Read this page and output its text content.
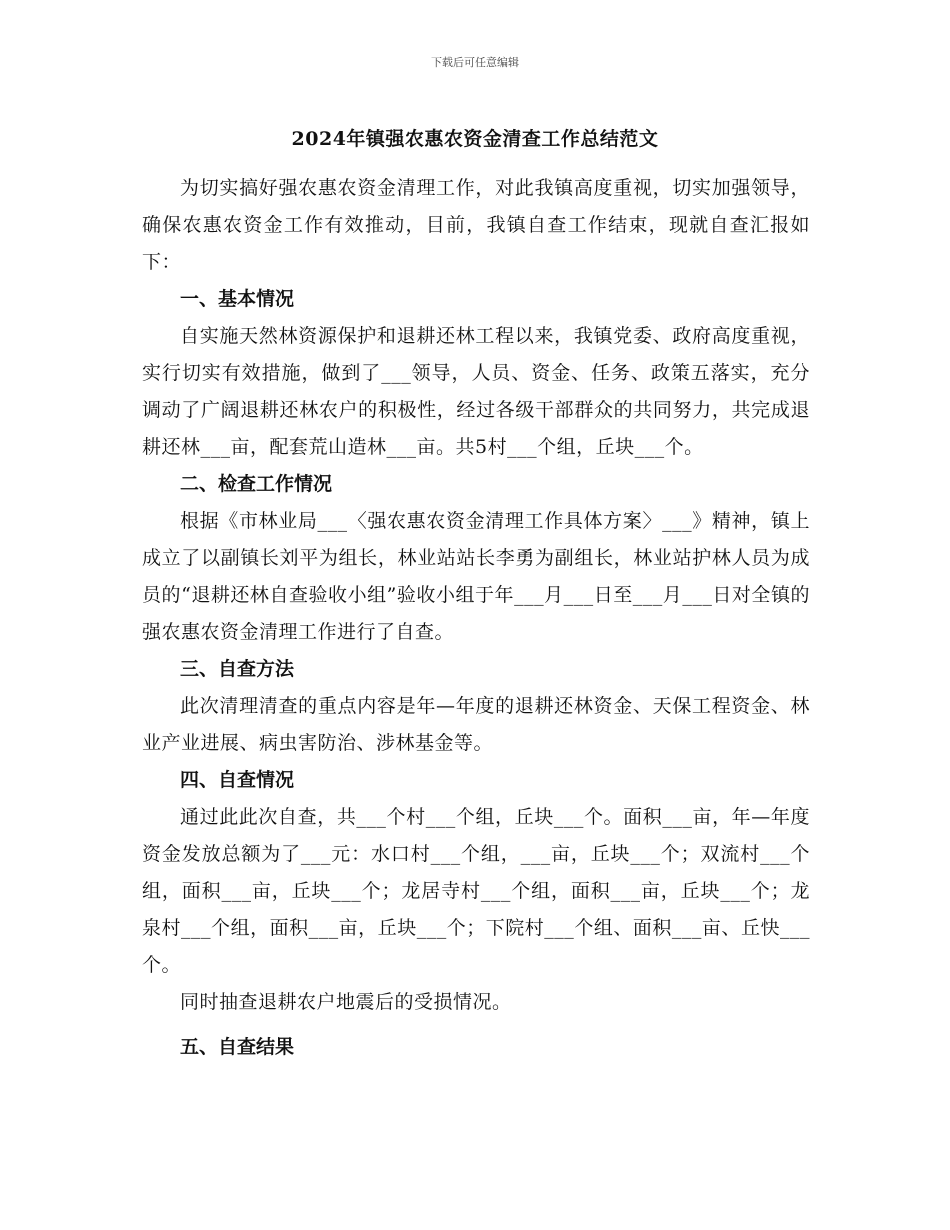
下载后可任意编辑
2024年镇强农惠农资金清查工作总结范文

为切实搞好强农惠农资金清理工作，对此我镇高度重视，切实加强领导，确保农惠农资金工作有效推动，目前，我镇自查工作结束，现就自查汇报如下：

一、基本情况

自实施天然林资源保护和退耕还林工程以来，我镇党委、政府高度重视，实行切实有效措施，做到了___领导，人员、资金、任务、政策五落实，充分调动了广阔退耕还林农户的积极性，经过各级干部群众的共同努力，共完成退耕还林___亩，配套荒山造林___亩。共5村___个组，丘块___个。

二、检查工作情况

根据《市林业局___〈强农惠农资金清理工作具体方案〉___》精神，镇上成立了以副镇长刘平为组长，林业站站长李勇为副组长，林业站护林人员为成员的“退耕还林自查验收小组”验收小组于年___月___日至___月___日对全镇的强农惠农资金清理工作进行了自查。

三、自查方法

此次清理清查的重点内容是年—年度的退耕还林资金、天保工程资金、林业产业进展、病虫害防治、涉林基金等。

四、自查情况

通过此此次自查，共___个村___个组，丘块___个。面积___亩，年—年度资金发放总额为了___元：水口村___个组，___亩，丘块___个；双流村___个组，面积___亩，丘块___个；龙居寺村___个组，面积___亩，丘块___个；龙泉村___个组，面积___亩，丘块___个；下院村___个组、面积___亩、丘快___个。

同时抽查退耕农户地震后的受损情况。

五、自查结果
